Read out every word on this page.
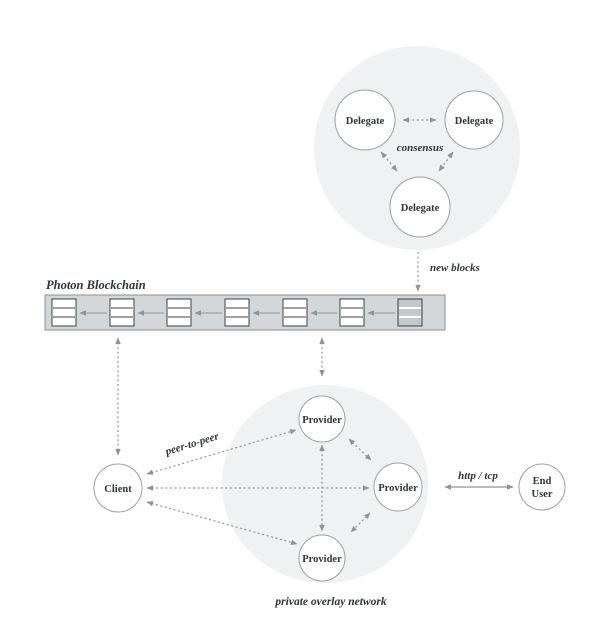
Delegate	Delegate
Delegate
consensus
new blocks
Photon Blockchain
Provider
Provider
Provider
Client
End
User
peer-to-peer
http / tcp
private overlay network
